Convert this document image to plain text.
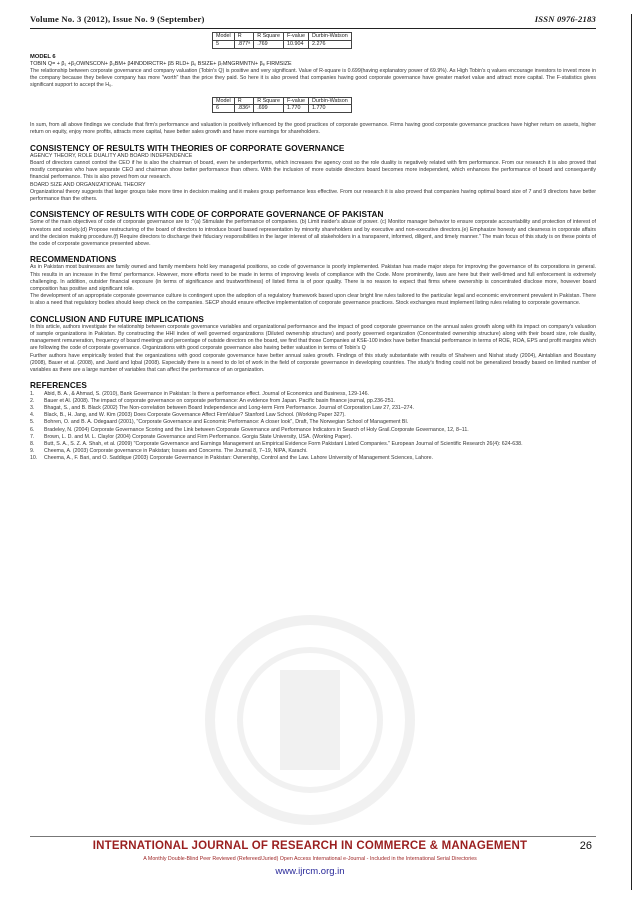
Volume No. 3 (2012), Issue No. 9 (September)	ISSN 0976-2183
Model	R	R Square	F-value	Durbin-Watson
5	.877ᵃ	.769	10.904	2.276
MODEL 6
TOBIN Q= + β₁ +β₂OWNSCON+ β₃BM+ β4INDDIRCTR+ β5 RLD+ β₆ BSIZE+ β₇MNGRMNTN+ β₈ FIRMSIZE

The relationship between corporate governance and company valuation (Tobin's Q) is positive and very significant. Value of R-square is 0.699(having explanatory power of 69.9%). As High Tobin's q values encourage investors to invest more in the company because they believe company has more "worth" than the price they paid. So here it is also proved that companies having good corporate governance have greater market value and attract more capital. The F-statistics gives significant support to accept the H₆.

Model	R	R Square	F-value	Durbin-Watson
6	.836ᵃ	.699	1.770	1.770

In sum, from all above findings we conclude that firm's performance and valuation is positively influenced by the good practices of corporate governance. Firms having good corporate governance practices have higher return on assets, higher return on equity, enjoy more profits, attracts more capital, have better sales growth and have more earnings for shareholders.

CONSISTENCY OF RESULTS WITH THEORIES OF CORPORATE GOVERNANCE
AGENCY THEORY, ROLE DUALITY AND BOARD INDEPENDENCE

Board of directors cannot control the CEO if he is also the chairman of board, even he underperforms, which increases the agency cost so the role duality is negatively related with firm performance. From our research it is also proved that mostly companies who have separate CEO and chairman show better performance than others. With the inclusion of more outside directors board becomes more independent, which enhances the performance of board and consequently financial performance. This is also proved from our research.

BOARD SIZE AND ORGANIZATIONAL THEORY

Organizational theory suggests that larger groups take more time in decision making and it makes group performance less effective. From our research it is also proved that companies having optimal board size of 7 and 9 directors have better performance than the others.

CONSISTENCY OF RESULTS WITH CODE OF CORPORATE GOVERNANCE OF PAKISTAN

Some of the main objectives of code of corporate governance are to :"(a) Stimulate the performance of companies. (b) Limit insider's abuse of power. (c) Monitor manager behavior to ensure corporate accountability and protection of interest of investors and society.(d) Propose restructuring of the board of directors to introduce board based representation by minority shareholders and by executive and non-executive directors.(e) Emphasize honesty and clearness in corporate affairs and the decision making procedure.(f) Require directors to discharge their fiduciary responsibilities in the larger interest of all stakeholders in a transparent, informed, diligent, and timely manner." The main focus of this study is on these points of the code of corporate governance presented above.

RECOMMENDATIONS

As in Pakistan most businesses are family owned and family members hold key managerial positions, so code of governance is poorly implemented. Pakistan has made major steps for improving the governance of its corporations in general. This results in an increase in the firms' performance. However, more efforts need to be made in terms of improving levels of compliance with the Code. More prominently, laws are here but their well-timed and full enforcement is extremely challenging. In addition, outsider financial exposure (in terms of significance and trustworthiness) of listed firms is of poor quality. There is no reason to expect that firms where ownership is concentrated disclose more, however board composition has positive and significant role.

The development of an appropriate corporate governance culture is contingent upon the adoption of a regulatory framework based upon clear bright line rules tailored to the particular legal and economic environment prevalent in Pakistan. There is also a need that regulatory bodies should keep check on the companies. SECP should ensure effective implementation of corporate governance practices. Stock exchanges must implement listing rules relating to corporate governance.

CONCLUSION AND FUTURE IMPLICATIONS

In this article, authors investigate the relationship between corporate governance variables and organizational performance and the impact of good corporate governance on the annual sales growth along with its impact on company's valuation of sample organizations in Pakistan. By constructing the HHI index of well governed organizations (Diluted ownership structure) and poorly governed organization (Concentrated ownership structure) along with their board size, role duality, management remuneration, frequency of board meetings and percentage of outside directors on the board, we find that those Companies at KSE-100 index have better financial performance in terms of ROE, ROA, EPS and profit margins which are following the code of corporate governance. Organizations with good corporate governance also having better valuation in terms of Tobin's Q

Further authors have empirically tested that the organizations with good corporate governance have better annual sales growth. Findings of this study substantiate with results of Shaheen and Nishat study (2004), Aintablian and Boustany (2008), Bauer et al. (2008), and Javid and Iqbal (2008). Especially there is a need to do lot of work in the field of corporate governance in developing countries. The study's finding could not be generalized broadly based on limited number of variables as there are a large number of variables that can affect the performance of an organization.

REFERENCES
1.	Abid, B. A., & Ahmad, S. (2010), Bank Governance in Pakistan: Is there a performance effect. Journal of Economics and Business, 129-146.
2.	Bauer et Al. (2008). The impact of corporate governance on corporate performance: An evidence from Japan. Pacific basin finance journal, pp.236-251.
3.	Bhagat, S., and B. Black (2002) The Non-correlation between Board Independence and Long-term Firm Performance. Journal of Corporation Law 27, 231–274.
4.	Black, B., H. Jang, and W. Kim (2003) Does Corporate Governance Affect FirmValue? Stanford Law School. (Working Paper 327).
5.	Bohren, O. and B. A. Odegaard (2001), "Corporate Governance and Economic Performance: A closer look", Draft, The Norwegian School of Management BI.
6.	Bradeley, N. (2004) Corporate Governance Scoring and the Link between Corporate Governance and Performance Indicators in Search of Holy Grail.Corporate Governance, 12, 8–11.
7.	Brown, L. D. and M. L. Claylor (2004) Corporate Governance and Firm Performance. Gorgia State University, USA. (Working Paper).
8.	Butt, S. A., S. Z. A. Shah, et al. (2009) "Corporate Governance and Earnings Management an Empirical Evidence Form Pakistani Listed Companies." European Journal of Scientific Research 26(4): 624-638.
9.	Cheema, A. (2003) Corporate governance in Pakistan; Issues and Concerns. The Journal 8, 7–19, NIPA, Karachi.
10.	Cheema, A., F. Bari, and O. Saddique (2003) Corporate Governance in Pakistan: Ownership, Control and the Law. Lahore University of Management Sciences, Lahore.
INTERNATIONAL JOURNAL OF RESEARCH IN COMMERCE & MANAGEMENT	26
A Monthly Double-Blind Peer Reviewed (Refereed/Juried) Open Access International e-Journal - Included in the International Serial Directories
www.ijrcm.org.in
